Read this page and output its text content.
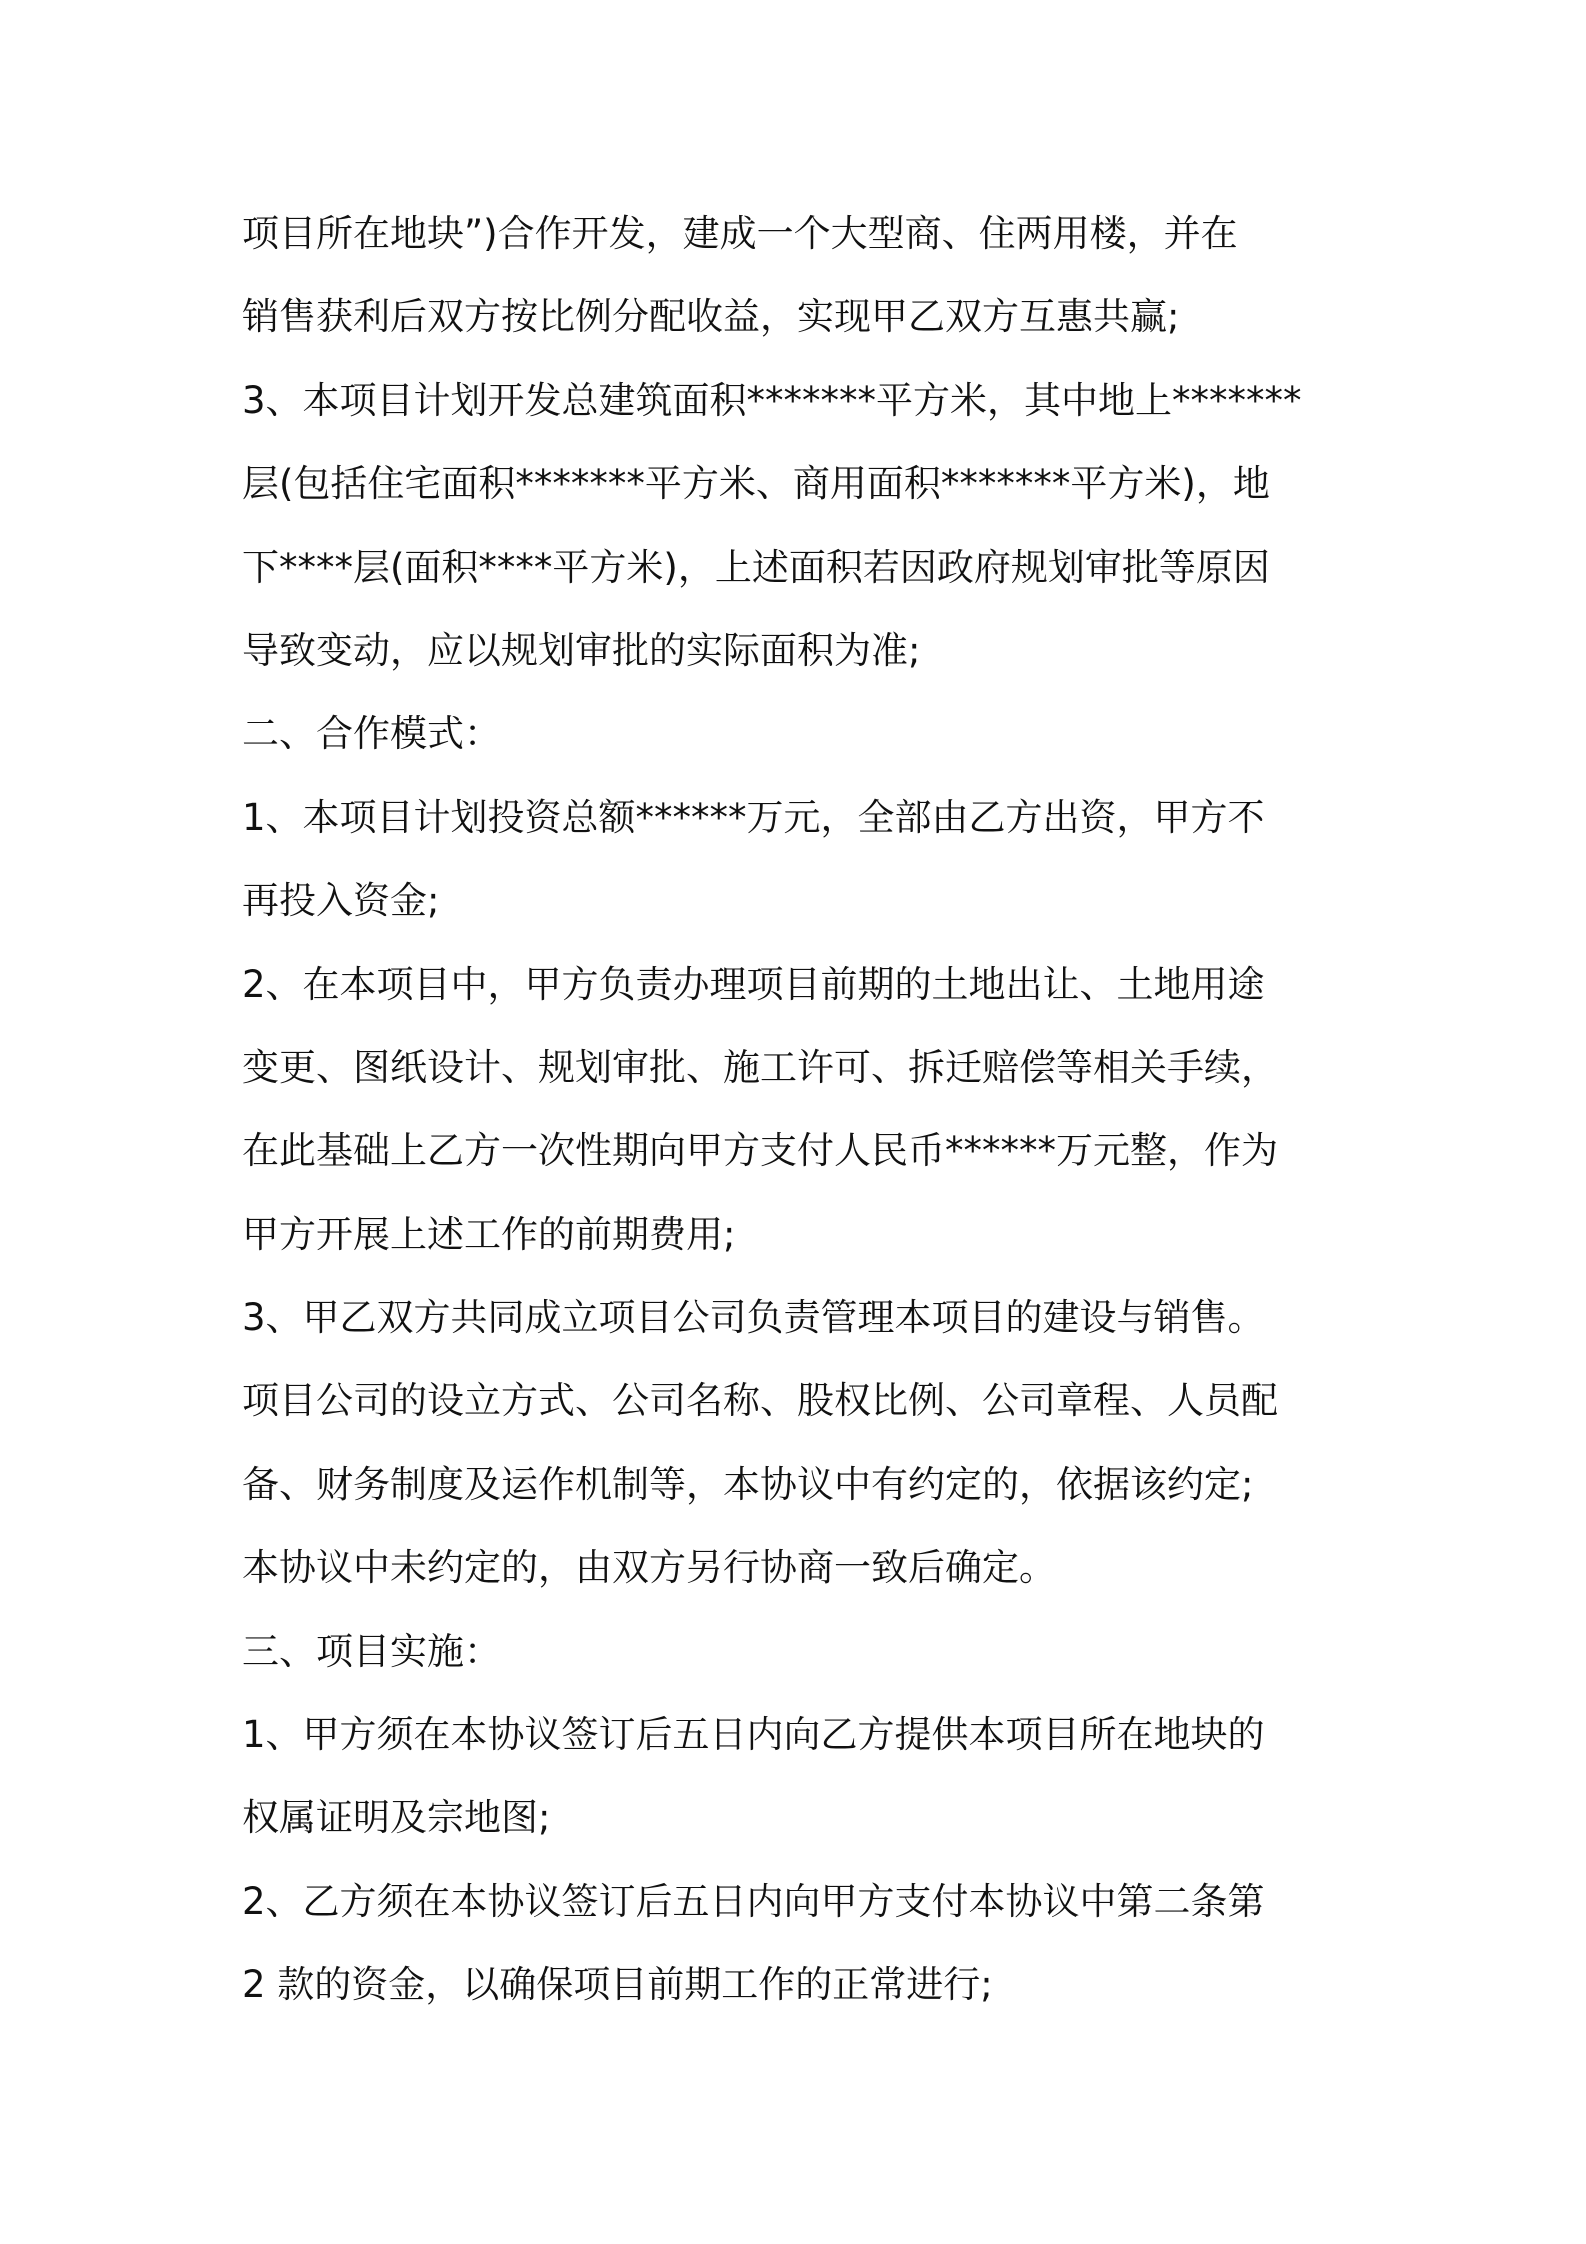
项目所在地块”)合作开发，建成一个大型商、住两用楼，并在

销售获利后双方按比例分配收益，实现甲乙双方互惠共赢;

3、本项目计划开发总建筑面积*******平方米，其中地上*******

层(包括住宅面积*******平方米、商用面积*******平方米)，地

下****层(面积****平方米)，上述面积若因政府规划审批等原因

导致变动，应以规划审批的实际面积为准;

二、合作模式：

1、本项目计划投资总额******万元，全部由乙方出资，甲方不

再投入资金;

2、在本项目中，甲方负责办理项目前期的土地出让、土地用途

变更、图纸设计、规划审批、施工许可、拆迁赔偿等相关手续，

在此基础上乙方一次性期向甲方支付人民币******万元整，作为

甲方开展上述工作的前期费用;

3、甲乙双方共同成立项目公司负责管理本项目的建设与销售。

项目公司的设立方式、公司名称、股权比例、公司章程、人员配

备、财务制度及运作机制等，本协议中有约定的，依据该约定;

本协议中未约定的，由双方另行协商一致后确定。

三、项目实施：

1、甲方须在本协议签订后五日内向乙方提供本项目所在地块的

权属证明及宗地图;

2、乙方须在本协议签订后五日内向甲方支付本协议中第二条第

2 款的资金，以确保项目前期工作的正常进行;
